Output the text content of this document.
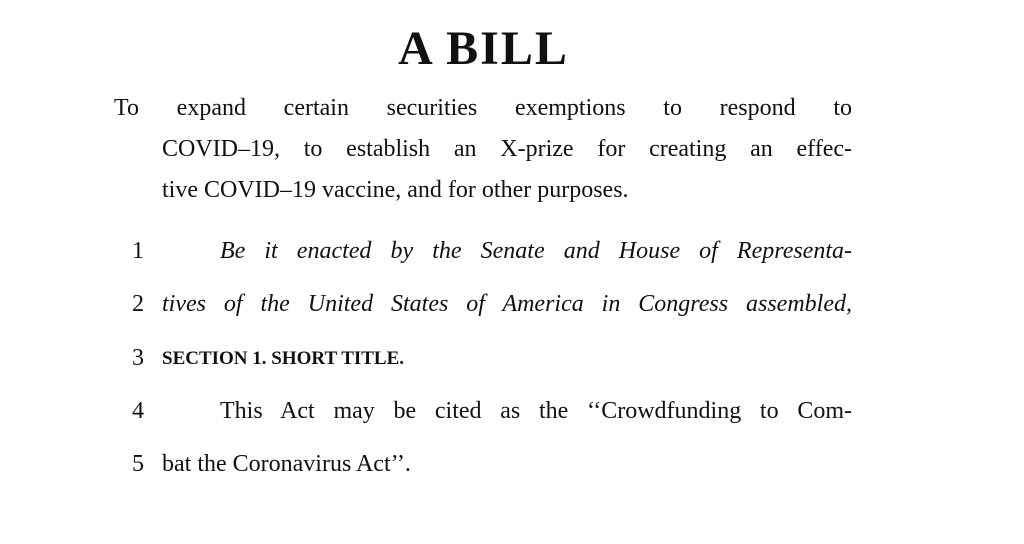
A BILL
To expand certain securities exemptions to respond to
COVID–19, to establish an X-prize for creating an effec-
tive COVID–19 vaccine, and for other purposes.
1	Be it enacted by the Senate and House of Representa-
2 tives of the United States of America in Congress assembled,
3 SECTION 1. SHORT TITLE.
4	This Act may be cited as the ‘‘Crowdfunding to Com-
5 bat the Coronavirus Act’’.
